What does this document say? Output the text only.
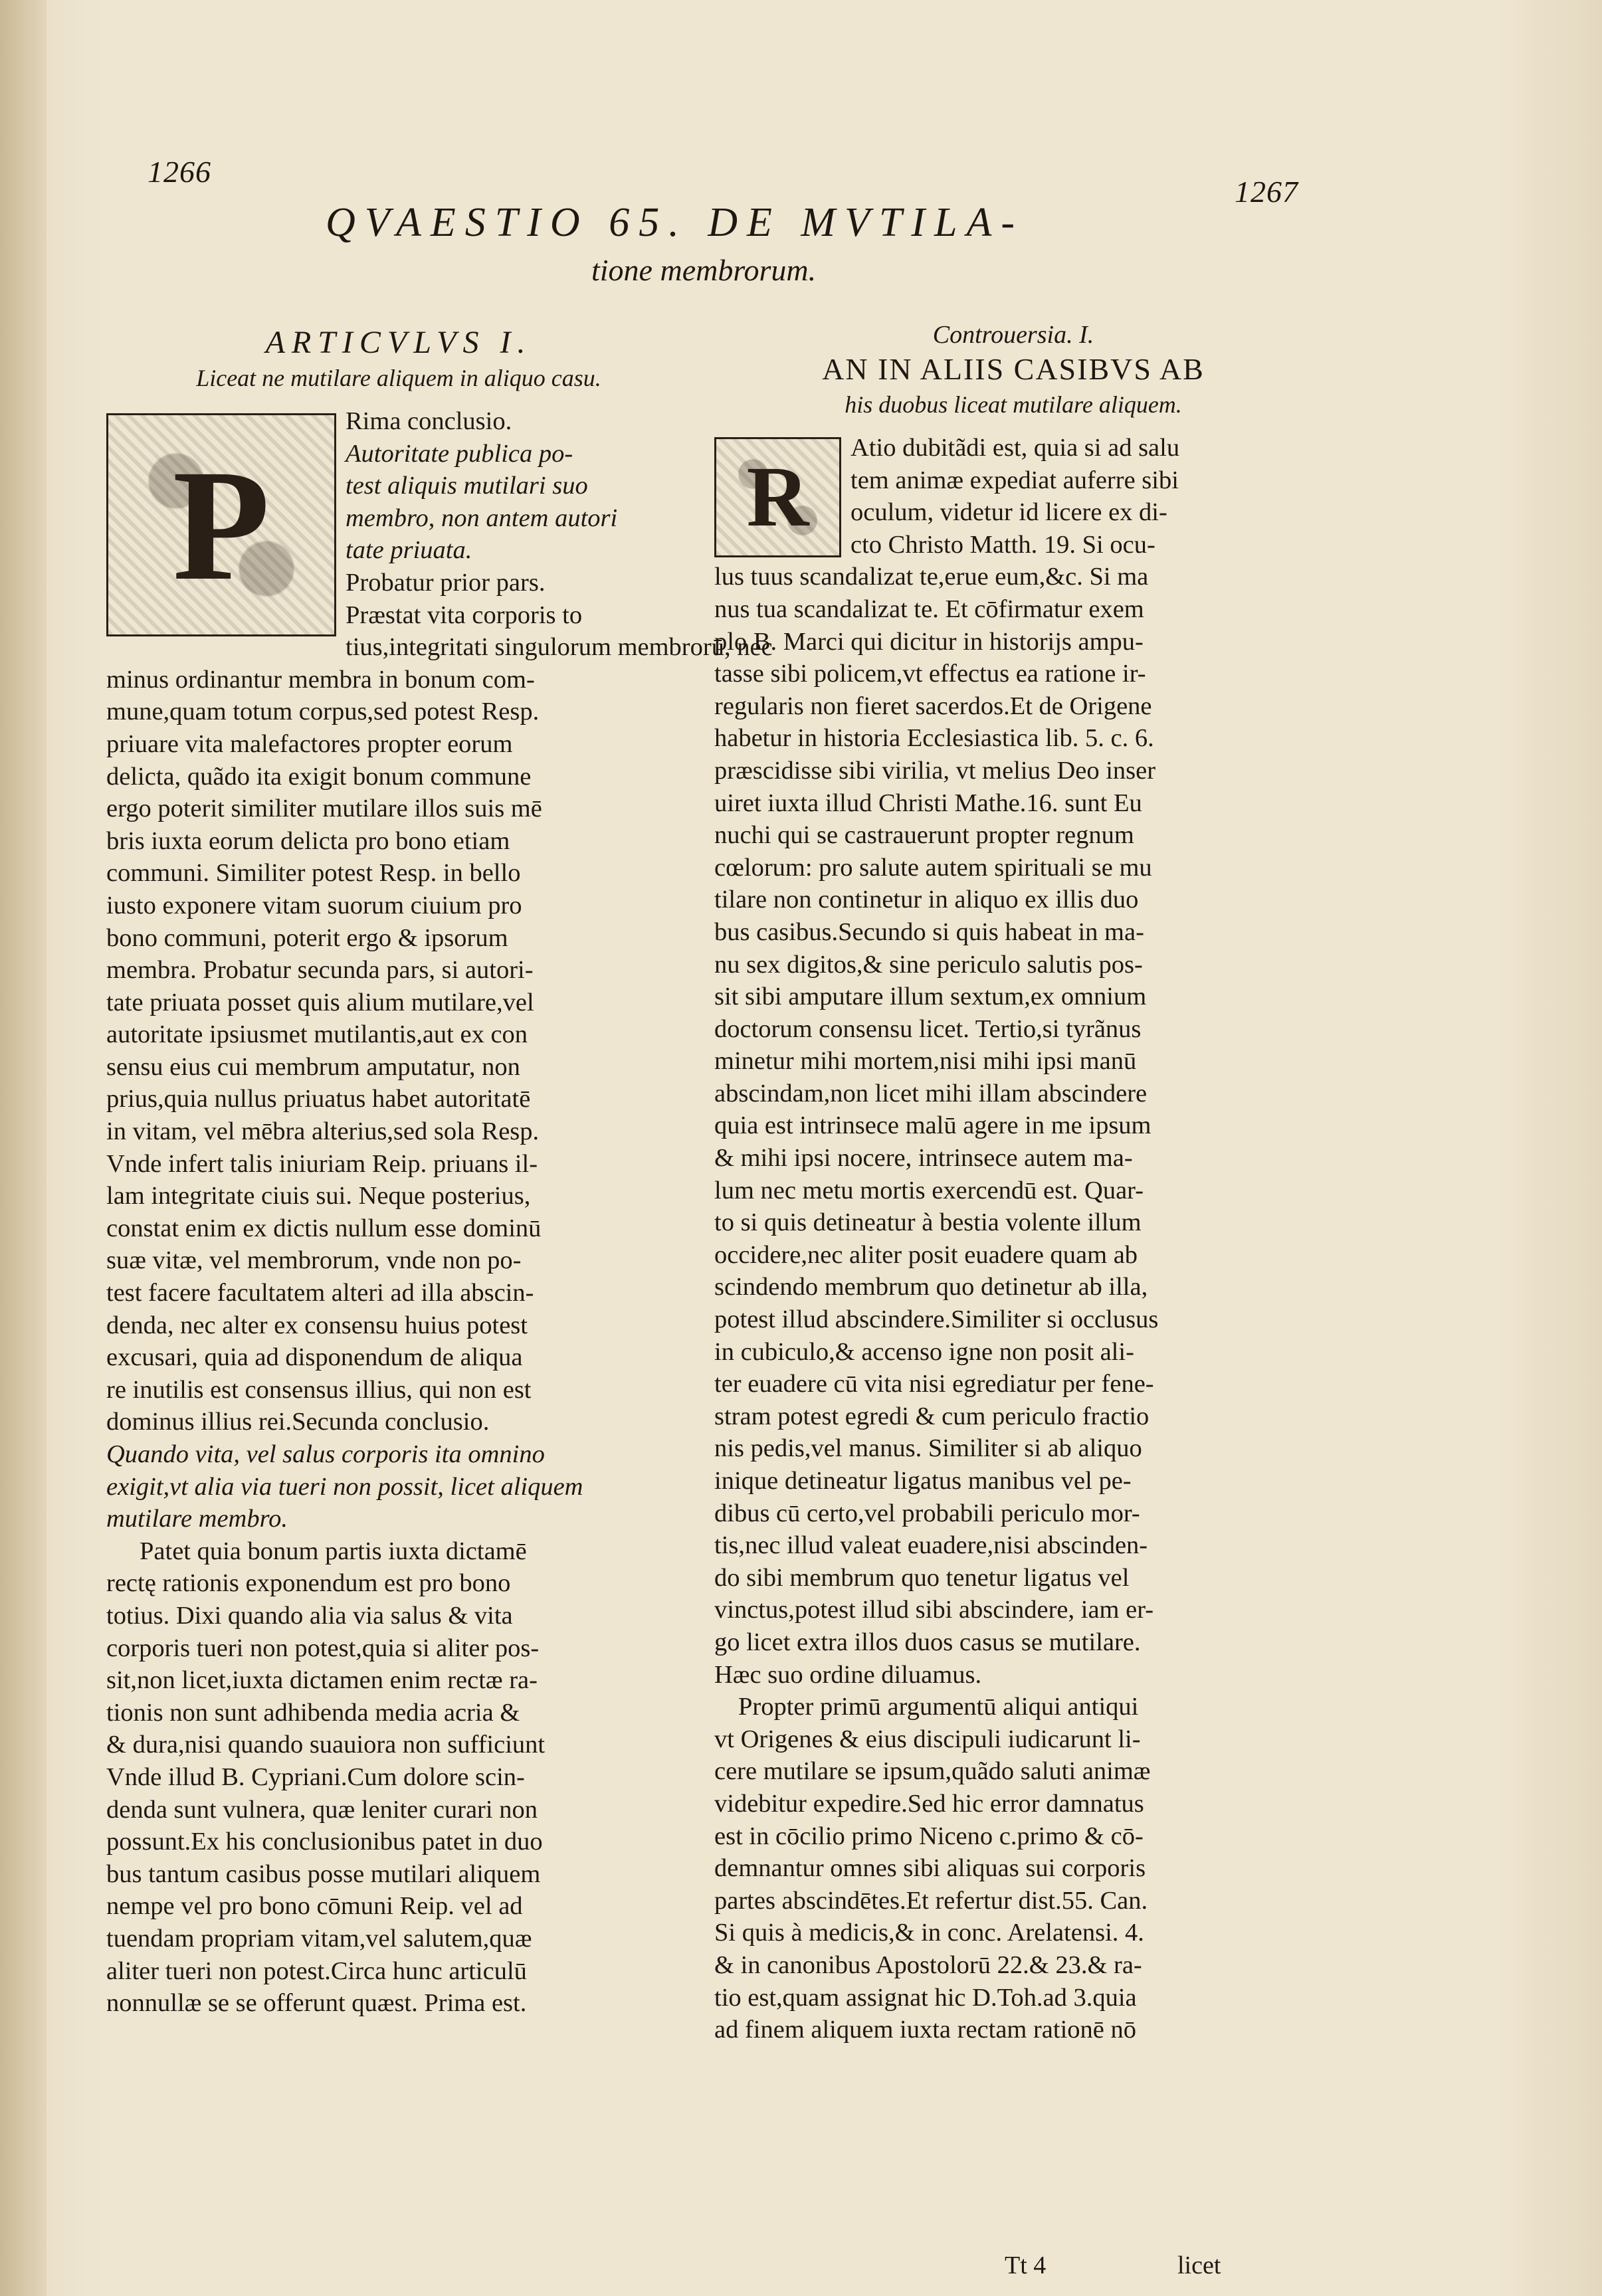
1266
1267
QVAESTIO 65. DE MVTILA-
tione membrorum.
ARTICVLVS I.
Liceat ne mutilare aliquem in aliquo casu.
P
Rima conclusio.
Autoritate publica po-
test aliquis mutilari suo
membro, non antem autori
tate priuata.
Probatur prior pars.
Præstat vita corporis to
tius,integritati singulorum membrorū, nec
minus ordinantur membra in bonum com-
mune,quam totum corpus,sed potest Resp.
priuare vita malefactores propter eorum
delicta, quãdo ita exigit bonum commune
ergo poterit similiter mutilare illos suis mē
bris iuxta eorum delicta pro bono etiam
communi. Similiter potest Resp. in bello
iusto exponere vitam suorum ciuium pro
bono communi, poterit ergo & ipsorum
membra. Probatur secunda pars, si autori-
tate priuata posset quis alium mutilare,vel
autoritate ipsiusmet mutilantis,aut ex con
sensu eius cui membrum amputatur, non
prius,quia nullus priuatus habet autoritatē
in vitam, vel mēbra alterius,sed sola Resp.
Vnde infert talis iniuriam Reip. priuans il-
lam integritate ciuis sui. Neque posterius,
constat enim ex dictis nullum esse dominū
suæ vitæ, vel membrorum, vnde non po-
test facere facultatem alteri ad illa abscin-
denda, nec alter ex consensu huius potest
excusari, quia ad disponendum de aliqua
re inutilis est consensus illius, qui non est
dominus illius rei.Secunda conclusio.
Quando vita, vel salus corporis ita omnino
exigit,vt alia via tueri non possit, licet aliquem
mutilare membro.
Patet quia bonum partis iuxta dictamē
rectę rationis exponendum est pro bono
totius. Dixi quando alia via salus & vita
corporis tueri non potest,quia si aliter pos-
sit,non licet,iuxta dictamen enim rectæ ra-
tionis non sunt adhibenda media acria &
& dura,nisi quando suauiora non sufficiunt
Vnde illud B. Cypriani.Cum dolore scin-
denda sunt vulnera, quæ leniter curari non
possunt.Ex his conclusionibus patet in duo
bus tantum casibus posse mutilari aliquem
nempe vel pro bono cōmuni Reip. vel ad
tuendam propriam vitam,vel salutem,quæ
aliter tueri non potest.Circa hunc articulū
nonnullæ se se offerunt quæst. Prima est.
Controuersia. I.
AN IN ALIIS CASIBVS AB
his duobus liceat mutilare aliquem.
R
Atio dubitãdi est, quia si ad salu
tem animæ expediat auferre sibi
oculum, videtur id licere ex di-
cto Christo Matth. 19. Si ocu-
lus tuus scandalizat te,erue eum,&c. Si ma
nus tua scandalizat te. Et cōfirmatur exem
plo B. Marci qui dicitur in historijs ampu-
tasse sibi policem,vt effectus ea ratione ir-
regularis non fieret sacerdos.Et de Origene
habetur in historia Ecclesiastica lib. 5. c. 6.
præscidisse sibi virilia, vt melius Deo inser
uiret iuxta illud Christi Mathe.16. sunt Eu
nuchi qui se castrauerunt propter regnum
cœlorum: pro salute autem spirituali se mu
tilare non continetur in aliquo ex illis duo
bus casibus.Secundo si quis habeat in ma-
nu sex digitos,& sine periculo salutis pos-
sit sibi amputare illum sextum,ex omnium
doctorum consensu licet. Tertio,si tyrãnus
minetur mihi mortem,nisi mihi ipsi manū
abscindam,non licet mihi illam abscindere
quia est intrinsece malū agere in me ipsum
& mihi ipsi nocere, intrinsece autem ma-
lum nec metu mortis exercendū est. Quar-
to si quis detineatur à bestia volente illum
occidere,nec aliter posit euadere quam ab
scindendo membrum quo detinetur ab illa,
potest illud abscindere.Similiter si occlusus
in cubiculo,& accenso igne non posit ali-
ter euadere cū vita nisi egrediatur per fene-
stram potest egredi & cum periculo fractio
nis pedis,vel manus. Similiter si ab aliquo
inique detineatur ligatus manibus vel pe-
dibus cū certo,vel probabili periculo mor-
tis,nec illud valeat euadere,nisi abscinden-
do sibi membrum quo tenetur ligatus vel
vinctus,potest illud sibi abscindere, iam er-
go licet extra illos duos casus se mutilare.
Hæc suo ordine diluamus.
Propter primū argumentū aliqui antiqui
vt Origenes & eius discipuli iudicarunt li-
cere mutilare se ipsum,quãdo saluti animæ
videbitur expedire.Sed hic error damnatus
est in cōcilio primo Niceno c.primo & cō-
demnantur omnes sibi aliquas sui corporis
partes abscindētes.Et refertur dist.55. Can.
Si quis à medicis,& in conc. Arelatensi. 4.
& in canonibus Apostolorū 22.& 23.& ra-
tio est,quam assignat hic D.Toh.ad 3.quia
ad finem aliquem iuxta rectam rationē nō
Tt 4	licet
